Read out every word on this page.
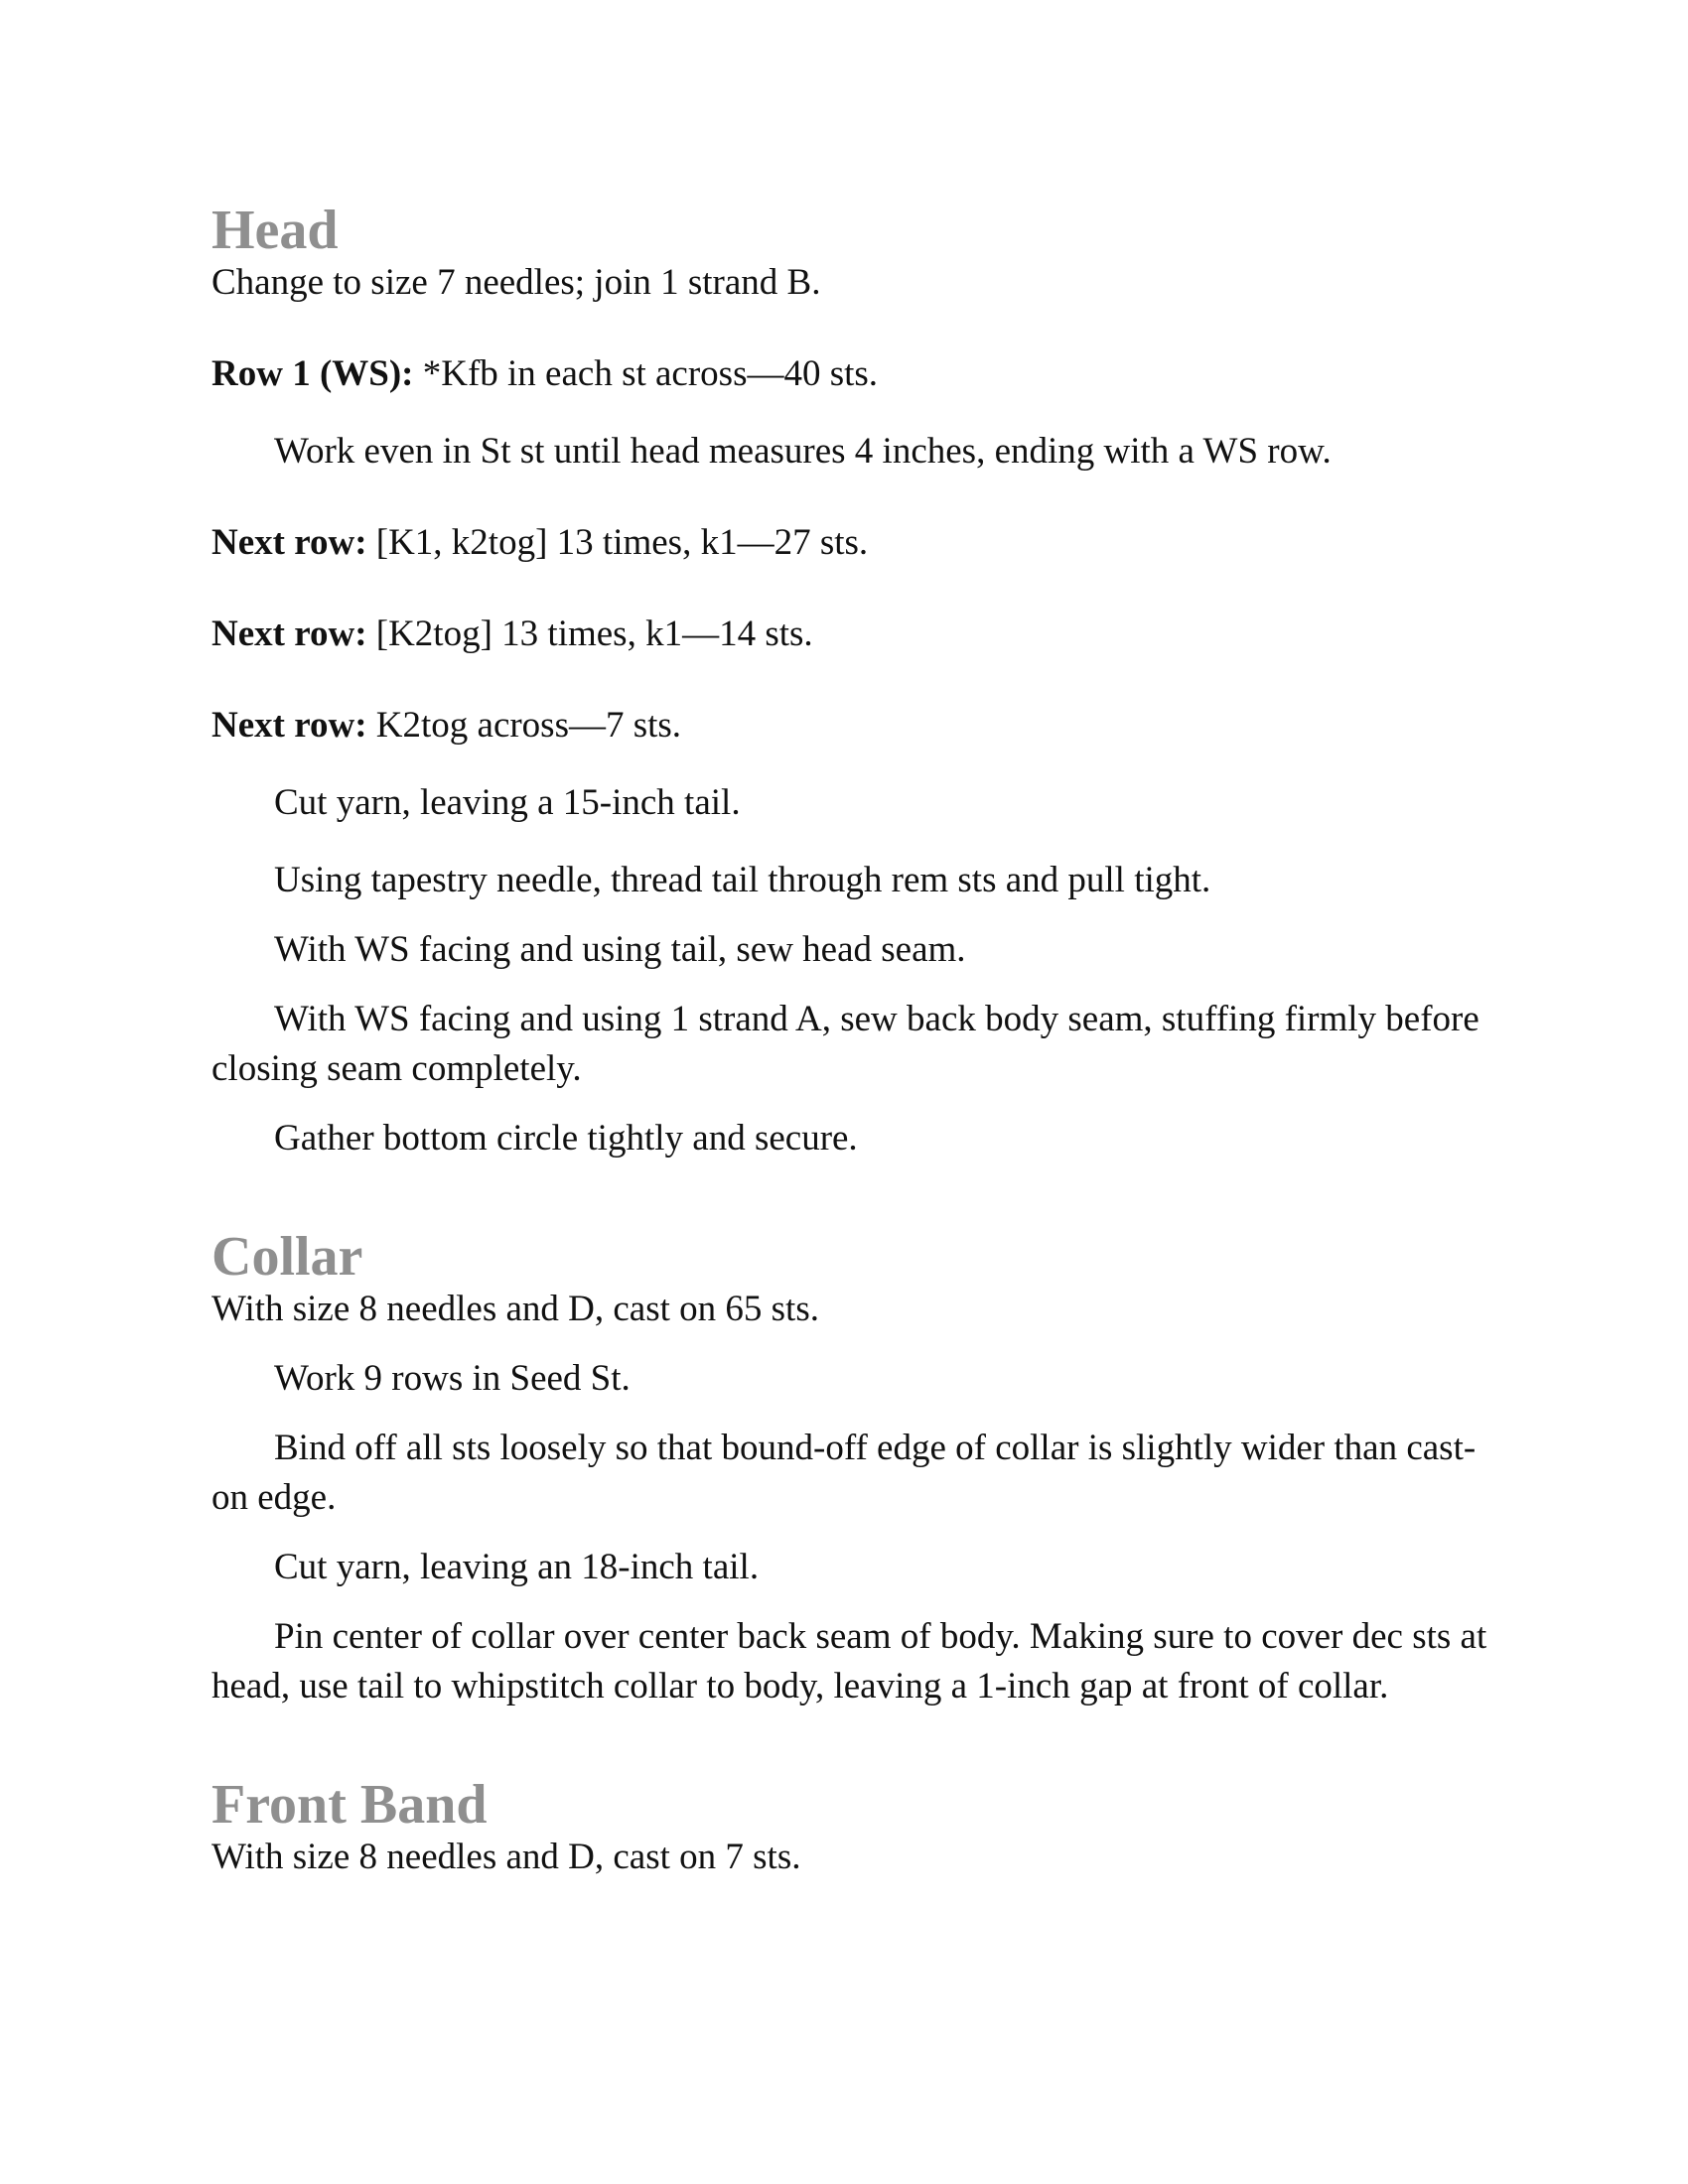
Head

Change to size 7 needles; join 1 strand B.

Row 1 (WS): *Kfb in each st across—40 sts.

Work even in St st until head measures 4 inches, ending with a WS row.

Next row: [K1, k2tog] 13 times, k1—27 sts.

Next row: [K2tog] 13 times, k1—14 sts.

Next row: K2tog across—7 sts.

Cut yarn, leaving a 15-inch tail.

Using tapestry needle, thread tail through rem sts and pull tight.

With WS facing and using tail, sew head seam.

With WS facing and using 1 strand A, sew back body seam, stuffing firmly before closing seam completely.

Gather bottom circle tightly and secure.

Collar

With size 8 needles and D, cast on 65 sts.

Work 9 rows in Seed St.

Bind off all sts loosely so that bound-off edge of collar is slightly wider than cast-on edge.

Cut yarn, leaving an 18-inch tail.

Pin center of collar over center back seam of body. Making sure to cover dec sts at head, use tail to whipstitch collar to body, leaving a 1-inch gap at front of collar.

Front Band

With size 8 needles and D, cast on 7 sts.
